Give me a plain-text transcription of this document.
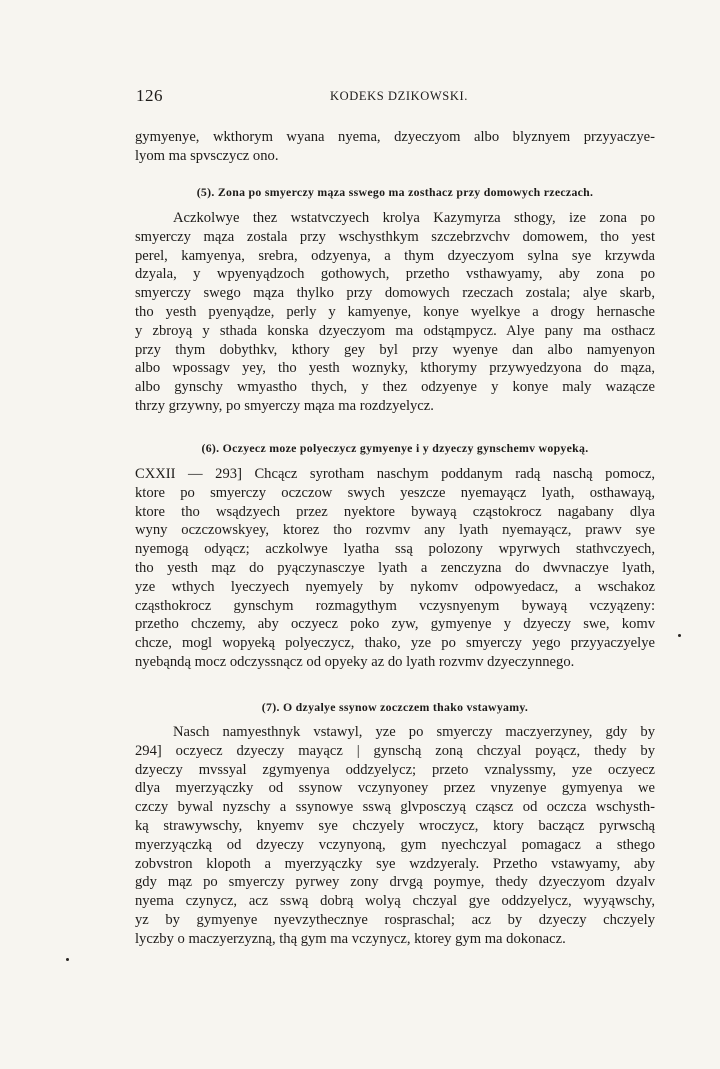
126	KODEKS DZIKOWSKI.
gymyenye, wkthorym wyana nyema, dzyeczyom albo blyznyem przyyaczye-
lyom ma spvsczycz ono.
(5). Zona po smyerczy mąza sswego ma zosthacz przy domowych rzeczach.
Aczkolwye thez wstatvczyech krolya Kazymyrza sthogy, ize zona po
smyerczy mąza zostala przy wschysthkym szczebrzvchv domowem, tho yest
perel, kamyenya, srebra, odzyenya, a thym dzyeczyom sylna sye krzywda
dzyala, y wpyenyądzoch gothowych, przetho vsthawyamy, aby zona po
smyerczy swego mąza thylko przy domowych rzeczach zostala; alye skarb,
tho yesth pyenyądze, perly y kamyenye, konye wyelkye a drogy hernasche
y zbroyą y sthada konska dzyeczyom ma odstąmpycz. Alye pany ma osthacz
przy thym dobythkv, kthory gey byl przy wyenye dan albo namyenyon
albo wpossagv yey, tho yesth woznyky, kthorymy przywyedzyona do mąza,
albo gynschy wmyastho thych, y thez odzyenye y konye maly wazącze
thrzy grzywny, po smyerczy mąza ma rozdzyelycz.
(6). Oczyecz moze polyeczycz gymyenye i y dzyeczy gynschemv wopyeką.
CXXII — 293] Chcącz syrotham naschym poddanym radą naschą pomocz,
ktore po smyerczy oczczow swych yeszcze nyemayącz lyath, osthawayą,
ktore tho wsądzyech przez nyektore bywayą cząstokrocz nagabany dlya
wyny oczczowskyey, ktorez tho rozvmv any lyath nyemayącz, prawv sye
nyemogą odyącz; aczkolwye lyatha ssą polozony wpyrwych stathvczyech,
tho yesth mąz do pyączynasczye lyath a zenczyzna do dwvnaczye lyath,
yze wthych lyeczyech nyemyely by nykomv odpowyedacz, a wschakoz
cząsthokrocz gynschym rozmagythym vczysnyenym bywayą vczyązeny:
przetho chczemy, aby oczyecz poko zyw, gymyenye y dzyeczy swe, komv
chcze, mogl wopyeką polyeczycz, thako, yze po smyerczy yego przyyaczyelye
nyebąndą mocz odczyssnącz od opyeky az do lyath rozvmv dzyeczynnego.
(7). O dzyalye ssynow zoczczem thako vstawyamy.
Nasch namyesthnyk vstawyl, yze po smyerczy maczyerzyney, gdy by
294] oczyecz dzyeczy mayącz | gynschą zoną chczyal poyącz, thedy by
dzyeczy mvssyal zgymyenya oddzyelycz; przeto vznalyssmy, yze oczyecz
dlya myerzyączky od ssynow vczynyoney przez vnyzenye gymyenya we
czczy bywal nyzschy a ssynowye sswą glvposczyą cząscz od oczcza wschysth-
ką strawywschy, knyemv sye chczyely wroczycz, ktory baczącz pyrwschą
myerzyączką od dzyeczy vczynyoną, gym nyechczyal pomagacz a sthego
zobvstron klopoth a myerzyączky sye wzdzyeraly. Przetho vstawyamy, aby
gdy mąz po smyerczy pyrwey zony drvgą poymye, thedy dzyeczyom dzyalv
nyema czynycz, acz sswą dobrą wolyą chczyal gye oddzyelycz, wyyąwschy,
yz by gymyenye nyevzythecznye rospraschal; acz by dzyeczy chczyely
lyczby o maczyerzyzną, thą gym ma vczynycz, ktorey gym ma dokonacz.
